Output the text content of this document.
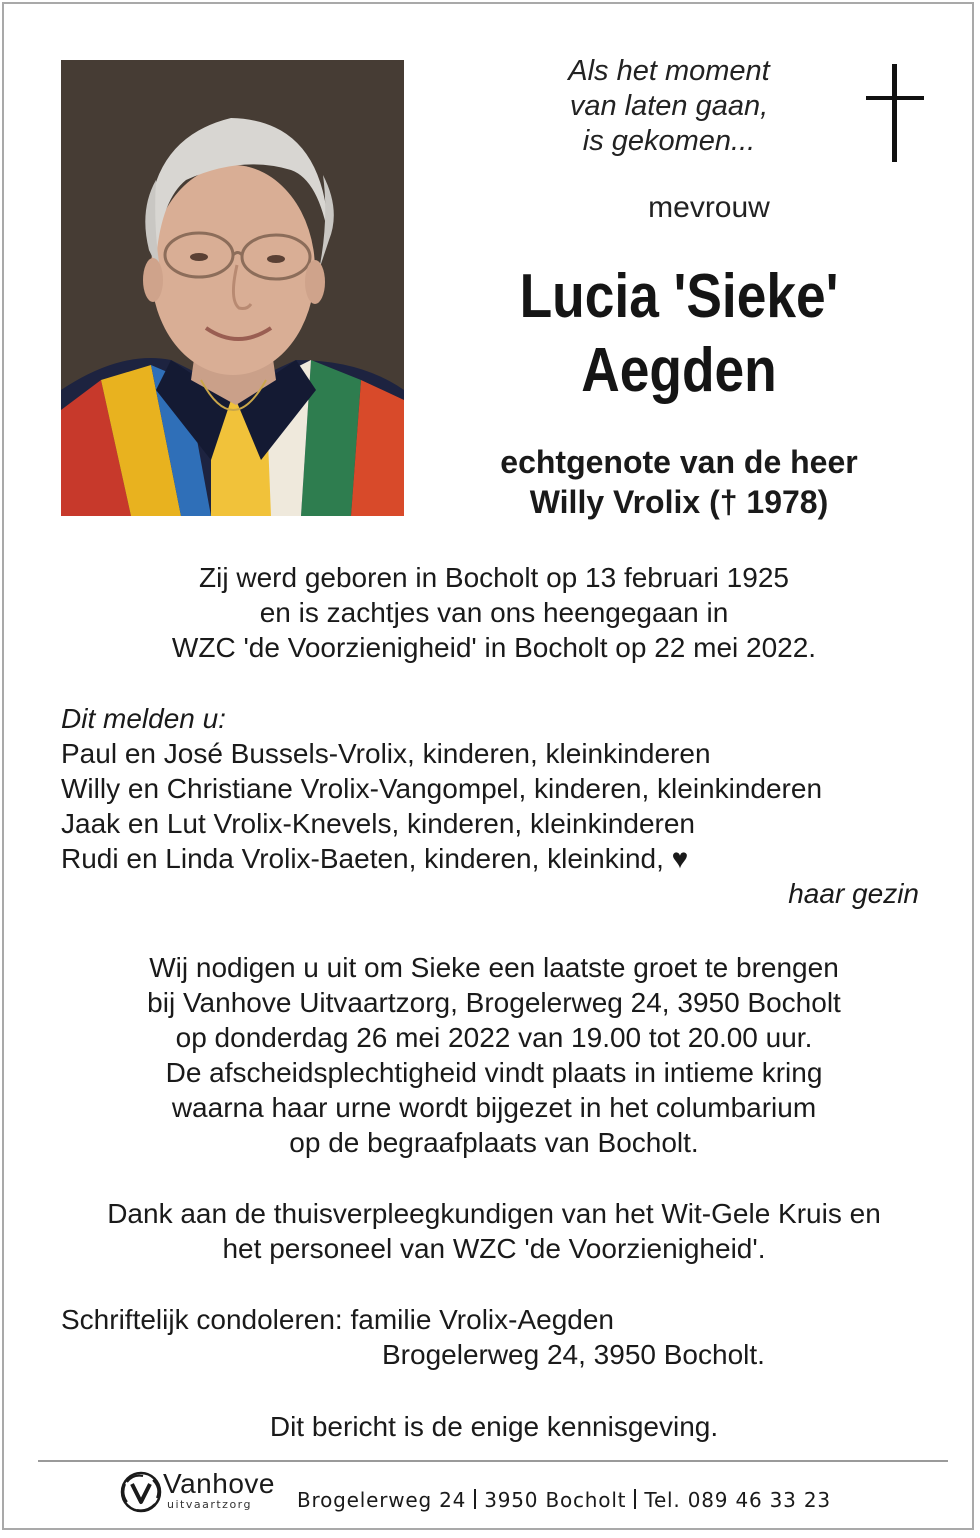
Als het moment
van laten gaan,
is gekomen...
mevrouw
Lucia 'Sieke'
Aegden
echtgenote van de heer
Willy Vrolix († 1978)
Zij werd geboren in Bocholt op 13 februari 1925
en is zachtjes van ons heengegaan in
WZC 'de Voorzienigheid' in Bocholt op 22 mei 2022.
Dit melden u:
Paul en José Bussels-Vrolix, kinderen, kleinkinderen
Willy en Christiane Vrolix-Vangompel, kinderen, kleinkinderen
Jaak en Lut Vrolix-Knevels, kinderen, kleinkinderen
Rudi en Linda Vrolix-Baeten, kinderen, kleinkind, ♥
haar gezin
Wij nodigen u uit om Sieke een laatste groet te brengen
bij Vanhove Uitvaartzorg, Brogelerweg 24, 3950 Bocholt
op donderdag 26 mei 2022 van 19.00 tot 20.00 uur.
De afscheidsplechtigheid vindt plaats in intieme kring
waarna haar urne wordt bijgezet in het columbarium
op de begraafplaats van Bocholt.
Dank aan de thuisverpleegkundigen van het Wit-Gele Kruis en
het personeel van WZC 'de Voorzienigheid'.
Schriftelijk condoleren: familie Vrolix-Aegden
Brogelerweg 24, 3950 Bocholt.
Dit bericht is de enige kennisgeving.
Vanhove
uitvaartzorg Brogelerweg 24 3950 Bocholt Tel. 089 46 33 23
